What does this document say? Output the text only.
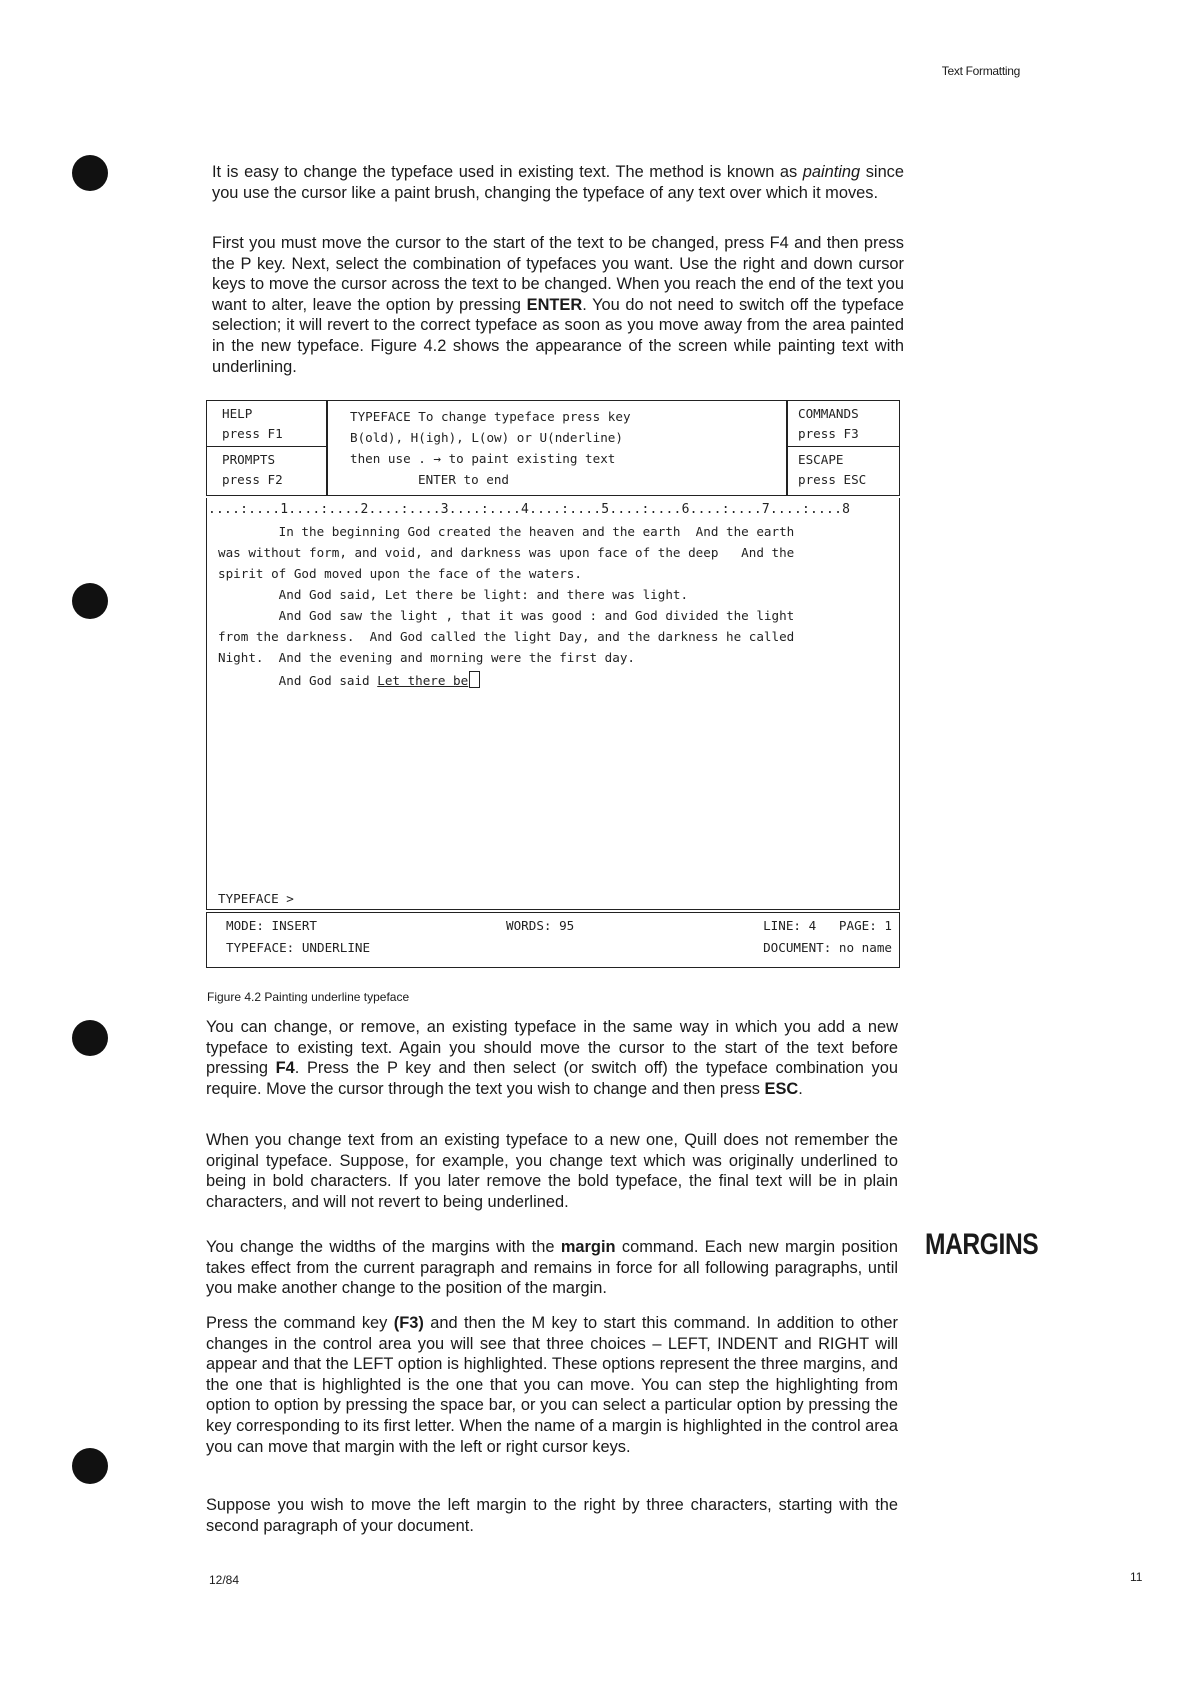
Text Formatting

It is easy to change the typeface used in existing text. The method is known as painting since you use the cursor like a paint brush, changing the typeface of any text over which it moves.

First you must move the cursor to the start of the text to be changed, press F4 and then press the P key. Next, select the combination of typefaces you want. Use the right and down cursor keys to move the cursor across the text to be changed. When you reach the end of the text you want to alter, leave the option by pressing ENTER. You do not need to switch off the typeface selection; it will revert to the correct typeface as soon as you move away from the area painted in the new typeface. Figure 4.2 shows the appearance of the screen while painting text with underlining.

HELP
press F1
PROMPTS
press F2
TYPEFACE To change typeface press key
B(old), H(igh), L(ow) or U(nderline)
then use . → to paint existing text
ENTER to end
COMMANDS
press F3
ESCAPE
press ESC
....:....1....:....2....:....3....:....4....:....5....:....6....:....7....:....8
In the beginning God created the heaven and the earth  And the earth
was without form, and void, and darkness was upon face of the deep   And the
spirit of God moved upon the face of the waters.
And God said, Let there be light: and there was light.
And God saw the light , that it was good : and God divided the light
from the darkness.  And God called the light Day, and the darkness he called
Night.  And the evening and morning were the first day.
And God said Let there be
TYPEFACE >
MODE: INSERT	WORDS: 95	LINE: 4   PAGE: 1
TYPEFACE: UNDERLINE	DOCUMENT: no name
Figure 4.2 Painting underline typeface

You can change, or remove, an existing typeface in the same way in which you add a new typeface to existing text. Again you should move the cursor to the start of the text before pressing F4. Press the P key and then select (or switch off) the typeface combination you require. Move the cursor through the text you wish to change and then press ESC.

When you change text from an existing typeface to a new one, Quill does not remember the original typeface. Suppose, for example, you change text which was originally underlined to being in bold characters. If you later remove the bold typeface, the final text will be in plain characters, and will not revert to being underlined.

MARGINS

You change the widths of the margins with the margin command. Each new margin position takes effect from the current paragraph and remains in force for all following paragraphs, until you make another change to the position of the margin.

Press the command key (F3) and then the M key to start this command. In addition to other changes in the control area you will see that three choices – LEFT, INDENT and RIGHT will appear and that the LEFT option is highlighted. These options represent the three margins, and the one that is highlighted is the one that you can move. You can step the highlighting from option to option by pressing the space bar, or you can select a particular option by pressing the key corresponding to its first letter. When the name of a margin is highlighted in the control area you can move that margin with the left or right cursor keys.

Suppose you wish to move the left margin to the right by three characters, starting with the second paragraph of your document.

12/84	11
